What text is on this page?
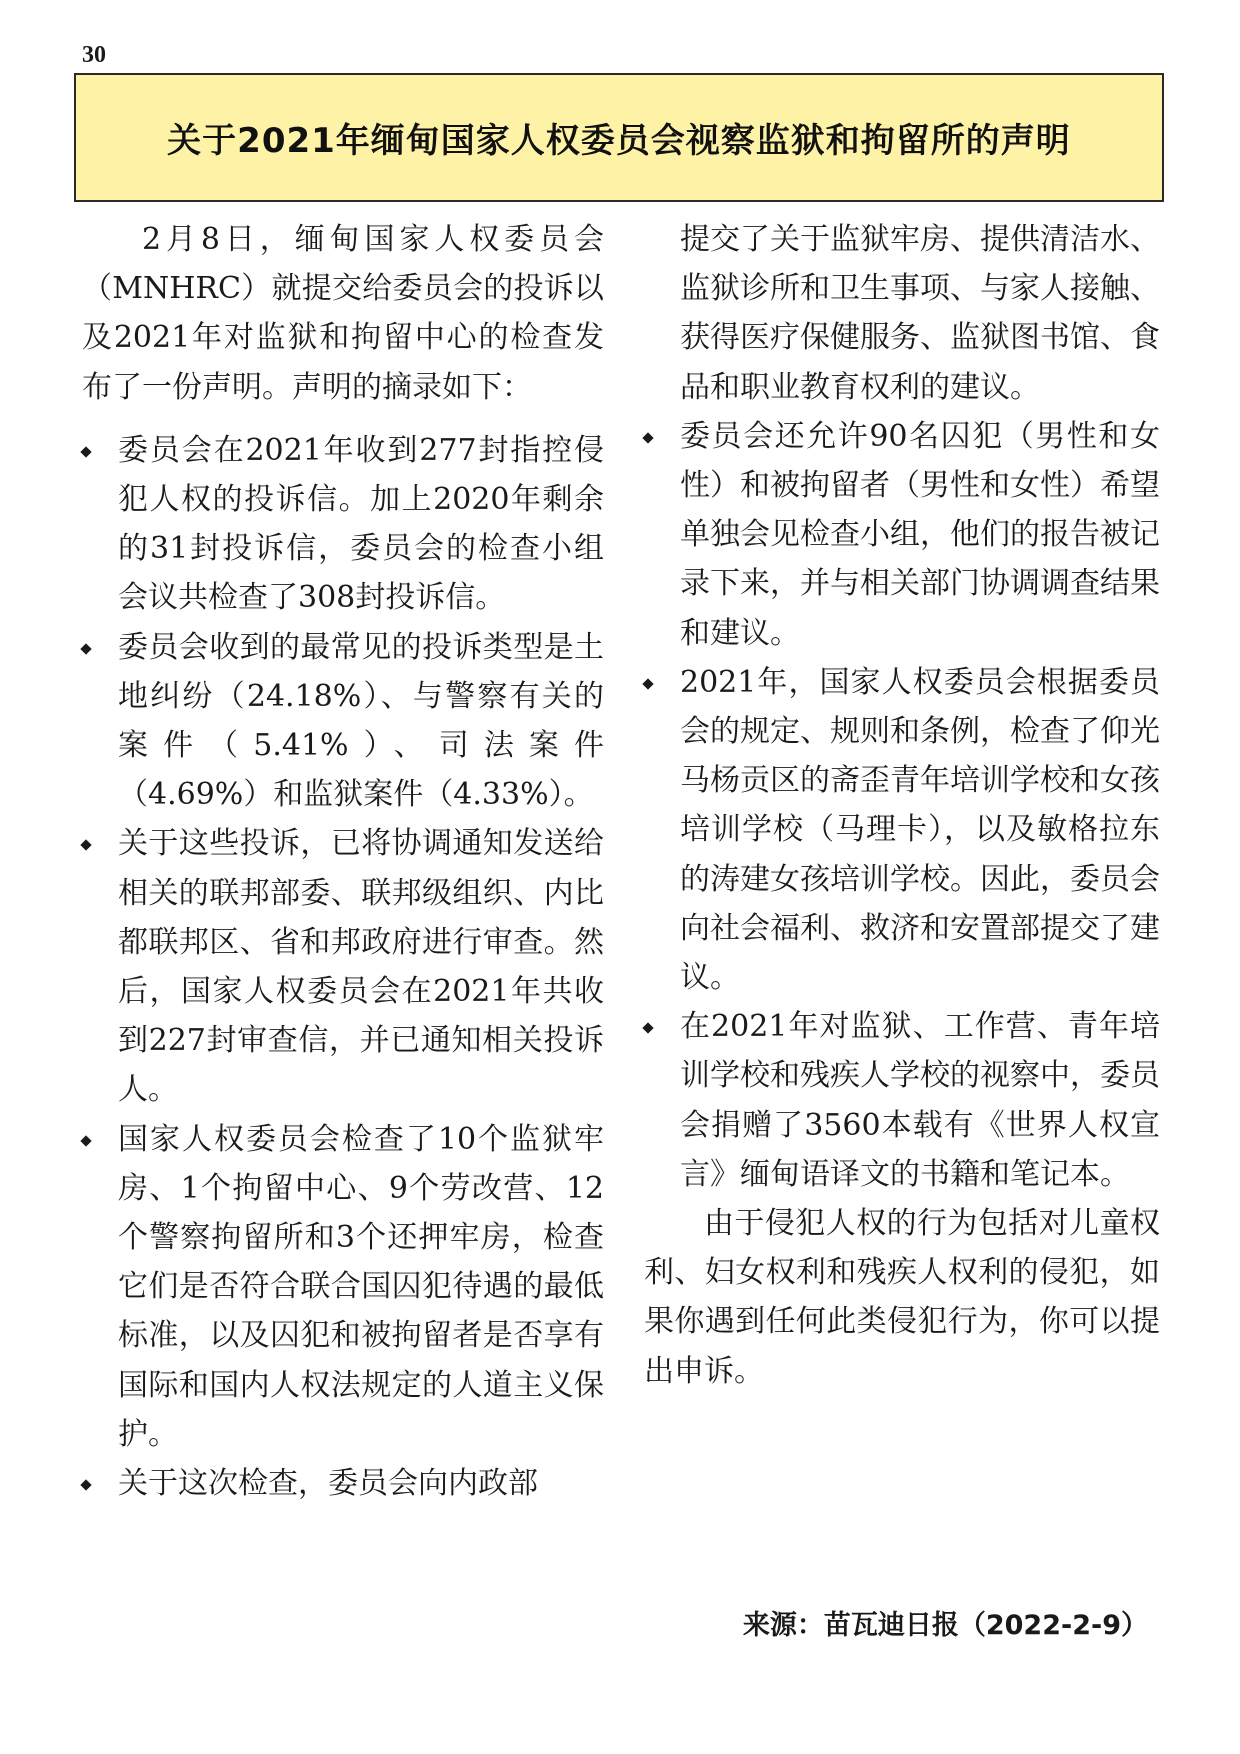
30
关于2021年缅甸国家人权委员会视察监狱和拘留所的声明

2月8日，缅甸国家人权委员会（MNHRC）就提交给委员会的投诉以及2021年对监狱和拘留中心的检查发布了一份声明。声明的摘录如下：

委员会在2021年收到277封指控侵犯人权的投诉信。加上2020年剩余的31封投诉信，委员会的检查小组会议共检查了308封投诉信。
委员会收到的最常见的投诉类型是土地纠纷（24.18%）、与警察有关的案件（5.41%）、司法案件（4.69%）和监狱案件（4.33%）。
关于这些投诉，已将协调通知发送给相关的联邦部委、联邦级组织、内比都联邦区、省和邦政府进行审查。然后，国家人权委员会在2021年共收到227封审查信，并已通知相关投诉人。
国家人权委员会检查了10个监狱牢房、1个拘留中心、9个劳改营、12个警察拘留所和3个还押牢房，检查它们是否符合联合国囚犯待遇的最低标准，以及囚犯和被拘留者是否享有国际和国内人权法规定的人道主义保护。
关于这次检查，委员会向内政部
提交了关于监狱牢房、提供清洁水、监狱诊所和卫生事项、与家人接触、获得医疗保健服务、监狱图书馆、食品和职业教育权利的建议。
委员会还允许90名囚犯（男性和女性）和被拘留者（男性和女性）希望单独会见检查小组，他们的报告被记录下来，并与相关部门协调调查结果和建议。
2021年，国家人权委员会根据委员会的规定、规则和条例，检查了仰光马杨贡区的斋歪青年培训学校和女孩培训学校（马理卡），以及敏格拉东的涛建女孩培训学校。因此，委员会向社会福利、救济和安置部提交了建议。
在2021年对监狱、工作营、青年培训学校和残疾人学校的视察中，委员会捐赠了3560本载有《世界人权宣言》缅甸语译文的书籍和笔记本。

由于侵犯人权的行为包括对儿童权利、妇女权利和残疾人权利的侵犯，如果你遇到任何此类侵犯行为，你可以提出申诉。

来源：苗瓦迪日报（2022-2-9）
